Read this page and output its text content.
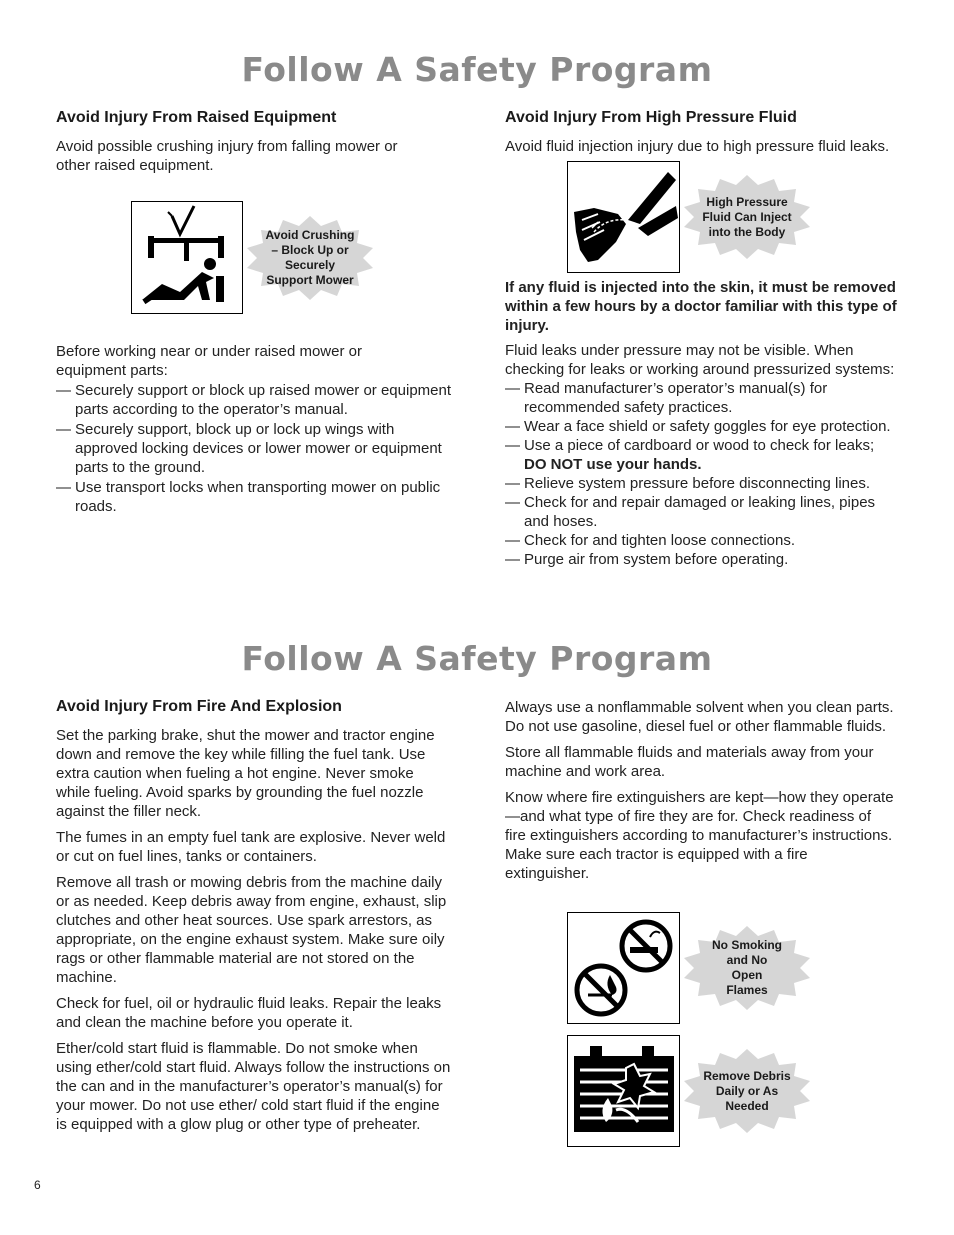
Follow A Safety Program
Avoid Injury From Raised Equipment

Avoid possible crushing injury from falling mower or other raised equipment.

Avoid Crushing – Block Up or Securely Support Mower

Before working near or under raised mower or equipment parts:

— Securely support or block up raised mower or equipment parts according to the operator’s manual.
— Securely support, block up or lock up wings with approved locking devices or lower mower or equipment parts to the ground.
— Use transport locks when transporting mower on public roads.
Avoid Injury From High Pressure Fluid

Avoid fluid injection injury due to high pressure fluid leaks.

High Pressure Fluid Can Inject into the Body

If any fluid is injected into the skin, it must be removed within a few hours by a doctor familiar with this type of injury.

Fluid leaks under pressure may not be visible. When checking for leaks or working around pressurized systems:

— Read manufacturer’s operator’s manual(s) for recommended safety practices.
— Wear a face shield or safety goggles for eye protection.
— Use a piece of cardboard or wood to check for leaks;
DO NOT use your hands.
— Relieve system pressure before disconnecting lines.
— Check for and repair damaged or leaking lines, pipes and hoses.
— Check for and tighten loose connections.
— Purge air from system before operating.
Follow A Safety Program
Avoid Injury From Fire And Explosion

Set the parking brake, shut the mower and tractor engine down and remove the key while filling the fuel tank. Use extra caution when fueling a hot engine. Never smoke while fueling. Avoid sparks by grounding the fuel nozzle against the filler neck.

The fumes in an empty fuel tank are explosive. Never weld or cut on fuel lines, tanks or containers.

Remove all trash or mowing debris from the machine daily or as needed. Keep debris away from engine, exhaust, slip clutches and other heat sources. Use spark arrestors, as appropriate, on the engine exhaust system. Make sure oily rags or other flammable material are not stored on the machine.

Check for fuel, oil or hydraulic fluid leaks. Repair the leaks and clean the machine before you operate it.

Ether/cold start fluid is flammable. Do not smoke when using ether/cold start fluid. Always follow the instructions on the can and in the manufacturer’s operator’s manual(s) for your mower. Do not use ether/ cold start fluid if the engine is equipped with a glow plug or other type of preheater.

Always use a nonflammable solvent when you clean parts. Do not use gasoline, diesel fuel or other flammable fluids.

Store all flammable fluids and materials away from your machine and work area.

Know where fire extinguishers are kept—how they operate—and what type of fire they are for. Check readiness of fire extinguishers according to manufacturer’s instructions. Make sure each tractor is equipped with a fire extinguisher.

No Smoking and No Open Flames
Remove Debris Daily or As Needed
6
